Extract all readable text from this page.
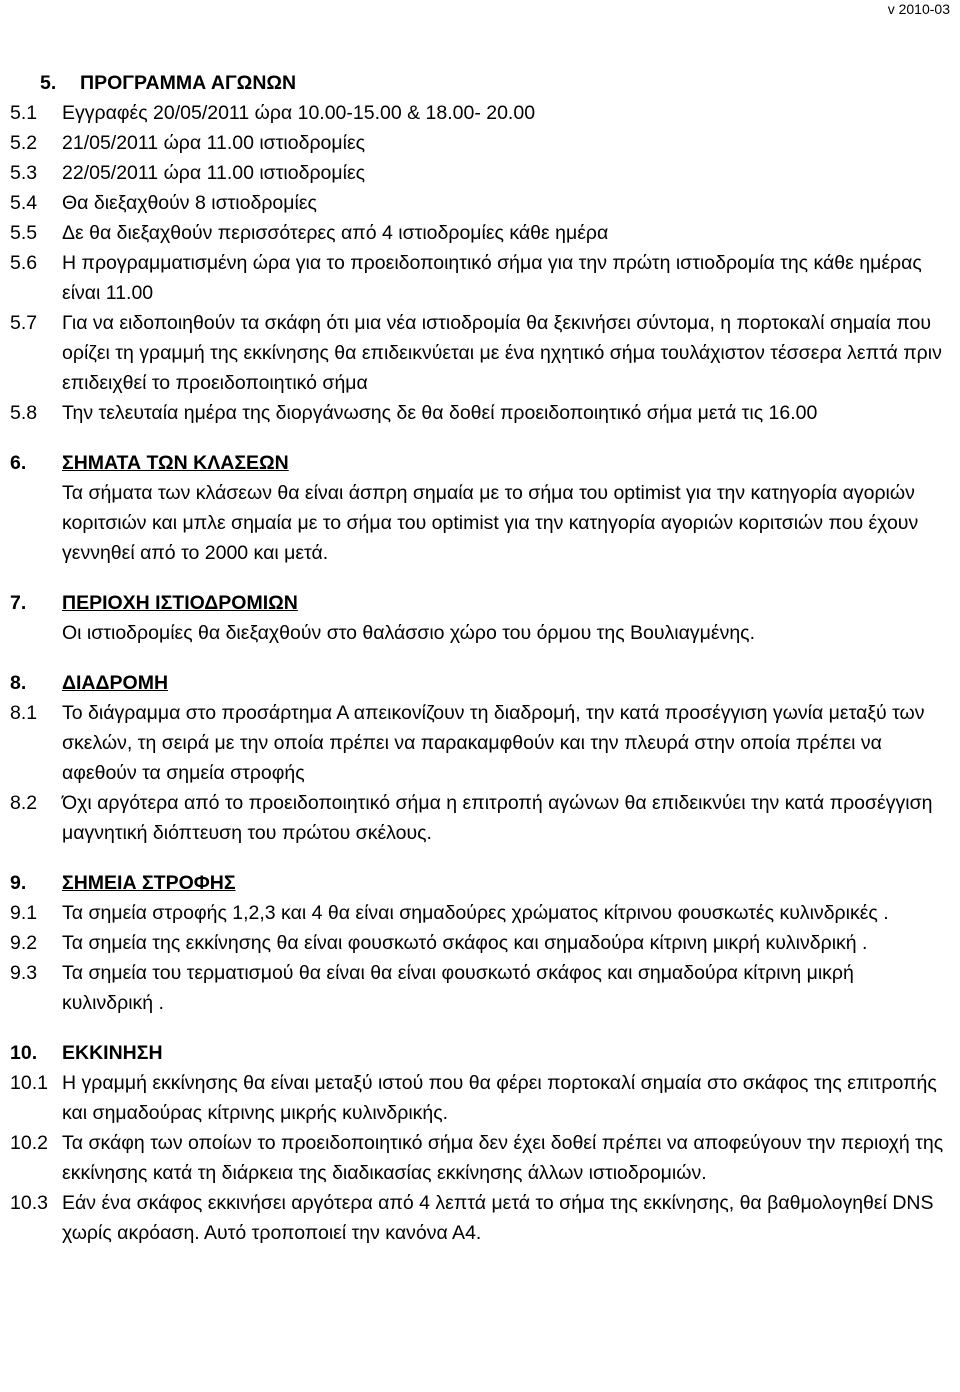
v 2010-03
5. ΠΡΟΓΡΑΜΜΑ ΑΓΩΝΩΝ
5.1 Εγγραφές 20/05/2011 ώρα 10.00-15.00 & 18.00- 20.00
5.2 21/05/2011 ώρα 11.00 ιστιοδρομίες
5.3 22/05/2011 ώρα 11.00 ιστιοδρομίες
5.4 Θα διεξαχθούν 8 ιστιοδρομίες
5.5 Δε θα διεξαχθούν περισσότερες από 4 ιστιοδρομίες κάθε ημέρα
5.6 Η προγραμματισμένη ώρα για το προειδοποιητικό σήμα για την πρώτη ιστιοδρομία της κάθε ημέρας είναι 11.00
5.7 Για να ειδοποιηθούν τα σκάφη ότι μια νέα ιστιοδρομία θα ξεκινήσει σύντομα, η πορτοκαλί σημαία που ορίζει τη γραμμή της εκκίνησης θα επιδεικνύεται με ένα ηχητικό σήμα τουλάχιστον τέσσερα λεπτά πριν επιδειχθεί το προειδοποιητικό σήμα
5.8 Την τελευταία ημέρα της διοργάνωσης δε θα δοθεί προειδοποιητικό σήμα μετά τις 16.00
6. ΣΗΜΑΤΑ ΤΩΝ ΚΛΑΣΕΩΝ
Τα σήματα των κλάσεων θα είναι άσπρη σημαία με το σήμα του optimist για την κατηγορία αγοριών κοριτσιών και μπλε σημαία με το σήμα του optimist για την κατηγορία αγοριών κοριτσιών που έχουν γεννηθεί από το 2000 και μετά.
7. ΠΕΡΙΟΧΗ ΙΣΤΙΟΔΡΟΜΙΩΝ
Οι ιστιοδρομίες θα διεξαχθούν στο θαλάσσιο χώρο του όρμου της Βουλιαγμένης.
8. ΔΙΑΔΡΟΜΗ
8.1 Το διάγραμμα στο προσάρτημα Α απεικονίζουν τη διαδρομή, την κατά προσέγγιση γωνία μεταξύ των σκελών, τη σειρά με την οποία πρέπει να παρακαμφθούν και την πλευρά στην οποία πρέπει να αφεθούν τα σημεία στροφής
8.2 Όχι αργότερα από το προειδοποιητικό σήμα η επιτροπή αγώνων θα επιδεικνύει την κατά προσέγγιση μαγνητική διόπτευση του πρώτου σκέλους.
9. ΣΗΜΕΙΑ ΣΤΡΟΦΗΣ
9.1 Τα σημεία στροφής 1,2,3 και 4 θα είναι σημαδούρες χρώματος κίτρινου φουσκωτές κυλινδρικές .
9.2 Τα σημεία της εκκίνησης θα είναι φουσκωτό σκάφος και σημαδούρα κίτρινη μικρή κυλινδρική .
9.3 Τα σημεία του τερματισμού θα είναι θα είναι φουσκωτό σκάφος και σημαδούρα κίτρινη μικρή κυλινδρική .
10. ΕΚΚΙΝΗΣΗ
10.1 Η γραμμή εκκίνησης θα είναι μεταξύ ιστού που θα φέρει πορτοκαλί σημαία στο σκάφος της επιτροπής και σημαδούρας κίτρινης μικρής κυλινδρικής.
10.2 Τα σκάφη των οποίων το προειδοποιητικό σήμα δεν έχει δοθεί πρέπει να αποφεύγουν την περιοχή της εκκίνησης κατά τη διάρκεια της διαδικασίας εκκίνησης άλλων ιστιοδρομιών.
10.3 Εάν ένα σκάφος εκκινήσει αργότερα από 4 λεπτά μετά το σήμα της εκκίνησης, θα βαθμολογηθεί DNS χωρίς ακρόαση. Αυτό τροποποιεί την κανόνα Α4.
